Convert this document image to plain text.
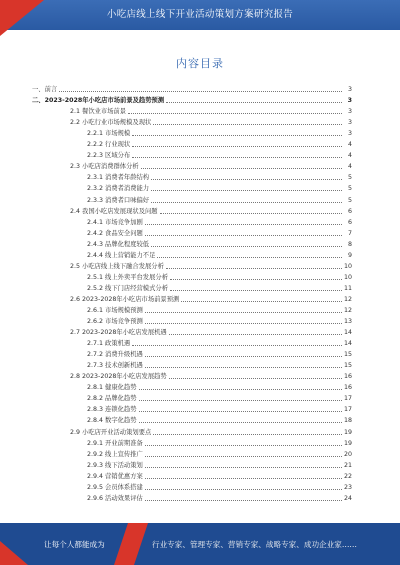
小吃店线上线下开业活动策划方案研究报告
内容目录
一、前言	3
二、2023-2028年小吃店市场前景及趋势预测	3
2.1 餐饮业市场前景	3
2.2 小吃行业市场规模及现状	3
2.2.1 市场规模	3
2.2.2 行业现状	4
2.2.3 区域分布	4
2.3 小吃店消费群体分析	4
2.3.1 消费者年龄结构	5
2.3.2 消费者消费能力	5
2.3.3 消费者口味偏好	5
2.4 我国小吃店发展现状及问题	6
2.4.1 市场竞争加剧	6
2.4.2 食品安全问题	7
2.4.3 品牌化程度较低	8
2.4.4 线上营销能力不足	9
2.5 小吃店线上线下融合发展分析	10
2.5.1 线上外卖平台发展分析	10
2.5.2 线下门店经营模式分析	11
2.6 2023-2028年小吃店市场前景预测	12
2.6.1 市场规模预测	12
2.6.2 市场竞争预测	13
2.7 2023-2028年小吃店发展机遇	14
2.7.1 政策机遇	14
2.7.2 消费升级机遇	15
2.7.3 技术创新机遇	15
2.8 2023-2028年小吃店发展趋势	16
2.8.1 健康化趋势	16
2.8.2 品牌化趋势	17
2.8.3 连锁化趋势	17
2.8.4 数字化趋势	18
2.9 小吃店开业活动策划要点	19
2.9.1 开业前期准备	19
2.9.2 线上宣传推广	20
2.9.3 线下活动策划	21
2.9.4 营销优惠方案	22
2.9.5 会员体系搭建	23
2.9.6 活动效果评估	24
让每个人都能成为	行业专家、管理专家、营销专家、战略专家、成功企业家……
